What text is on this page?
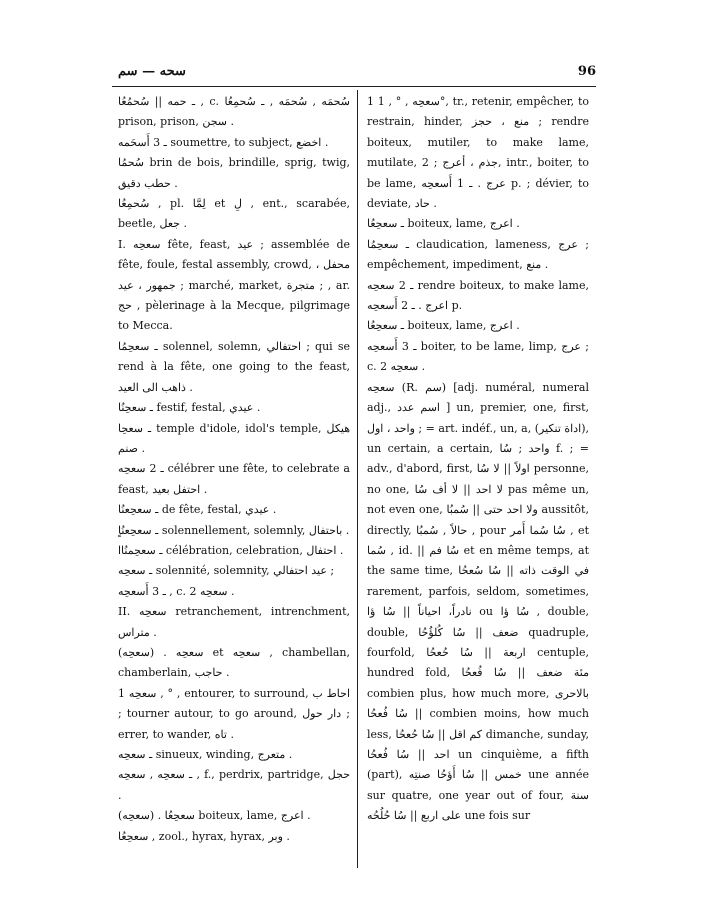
سحه — سم	96

ـ حمه || سُحمُعُا , c. سُحمَه , سُحمَه , ـ سُحمِعُا prison, prison, سجن .

ـ 3 أَسحَمه soumettre, to subject, اخضع .

سُحمُا brin de bois, brindille, sprig, twig, حطب دقيق .

سُحمِعُا , pl. لِمَّا et لِ , ent., scarabée, beetle, جعل .

I. سعحِه fête, feast, عيد ; assemblée de fête, foule, festal assembly, crowd, محفل ، جمهور ، عيد ; marché, market, متجرة ; , ar. حج , pèlerinage à la Mecque, pilgrimage to Mecca.

ـ سعحِمُا solennel, solemn, احتفالي ; qui se rend à la fête, one going to the feast, ذاهب الى العيد .

ـ سعحِنُا festif, festal, عيدي .

ـ سعحِا temple d'idole, idol's temple, هيكل صنم .

ـ 2 سعحِه célébrer une fête, to celebrate a feast, احتفل بعيد .

ـ سعحِعنُا de fête, festal, عيدي .

ـ سعحِعنُاٍ solennellement, solemnly, باحتفال .

ـ سعحِمنُاا célébration, celebration, احتفال .

ـ سعحِه solennité, solemnity, عيد احتفالي ;

ـ 3 أَسعحِه , c. 2 سعحِه .

II. سعحِه retranchement, intrenchment, متراس .

(سعحِه) . سعحِه et سعحِه , chambellan, chamberlain, حاجب .

1 سعحِه , ° , entourer, to surround, احاط ب ; tourner autour, to go around, دار حول ; errer, to wander, تاه .

ـ سعحِه sinueux, winding, متعرج .

ـ سعحِه , سعحِه , f., perdrix, partridge, حجل .

(سعحِه) . سعحِعُا boiteux, lame, اعرج .

سعحِعُا , zool., hyrax, hyrax, وبر .

1 سعحِه , ° , 1°, tr., retenir, empêcher, to restrain, hinder, منع ، حجز ; rendre boiteux, mutiler, to make lame, mutilate, جذم ، أعرج ; 2, intr., boiter, to be lame, عرج . ـ 1 أَسعحِه p. ; dévier, to deviate, حاد .

ـ سعحِعُا boiteux, lame, اعرج .

ـ سعحِمُا claudication, lameness, عرج ; empêchement, impediment, منع .

ـ 2 سعحِه rendre boiteux, to make lame, اعرج . ـ 2 أَسعحِه p.

ـ سعحِعُا boiteux, lame, اعرج .

ـ 3 أَسعحِه boiter, to be lame, limp, عرج ; c. 2 سعحِه .

سعحِه (R. سم) [adj. numéral, numeral adj., اسم عدد ] un, premier, one, first, واحد ، اول ; = art. indéf., un, a, (اداة تنكير), un certain, a certain, واحد ; سُا f. ; = adv., d'abord, first, اولاً || لا سُا personne, no one, لا احد || لا أف سُا pas même un, not even one, ولا احد حتى || سُمبُا aussitôt, directly, حالاً , سُمبُا , pour سُا سُما أَمر , et سُما , id. || سُا فم et en même temps, at the same time, في الوقت ذاته || سُا سُعحُا rarement, parfois, seldom, sometimes, نادراً، احياناً || سُا ؤا ou سُا ؤا , double, double, ضعف || سُا كُلؤُحُا quadruple, fourfold, اربعة || سُا حُعحُا centuple, hundred fold, مئة ضعف || سُا فُعحُا combien plus, how much more, بالاحرى || سُا فُعحُا combien moins, how much less, كم اقل || سُا حُعحُا dimanche, sunday, احد || سُا فُعحُا un cinquième, a fifth (part), خمس || سُا أَؤحُا صنتِه une année sur quatre, one year out of four, سنة على اربع || سُا حُلُحُه une fois sur
